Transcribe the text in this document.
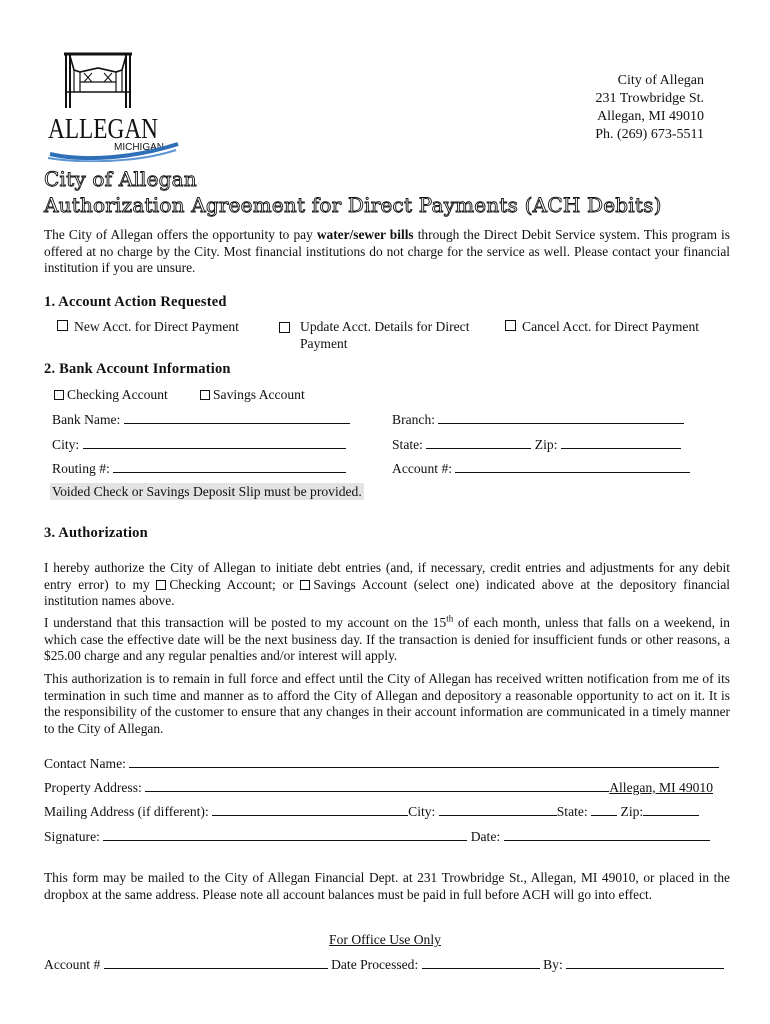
ALLEGAN
MICHIGAN
City of Allegan
231 Trowbridge St.
Allegan, MI 49010
Ph. (269) 673-5511
City of Allegan
Authorization Agreement for Direct Payments (ACH Debits)
The City of Allegan offers the opportunity to pay water/sewer bills through the Direct Debit Service system. This program is offered at no charge by the City. Most financial institutions do not charge for the service as well. Please contact your financial institution if you are unsure.
1. Account Action Requested
New Acct. for Direct Payment	Update Acct. Details for Direct Payment
Cancel Acct. for Direct Payment
2. Bank Account Information
Checking Account	Savings Account
Bank Name:	Branch:
City:	State:	Zip:
Routing #:	Account #:
Voided Check or Savings Deposit Slip must be provided.
3. Authorization
I hereby authorize the City of Allegan to initiate debt entries (and, if necessary, credit entries and adjustments for any debit entry error) to my Checking Account; or Savings Account (select one) indicated above at the depository financial institution names above.
I understand that this transaction will be posted to my account on the 15th of each month, unless that falls on a weekend, in which case the effective date will be the next business day. If the transaction is denied for insufficient funds or other reasons, a $25.00 charge and any regular penalties and/or interest will apply.
This authorization is to remain in full force and effect until the City of Allegan has received written notification from me of its termination in such time and manner as to afford the City of Allegan and depository a reasonable opportunity to act on it. It is the responsibility of the customer to ensure that any changes in their account information are communicated in a timely manner to the City of Allegan.
Contact Name:
Property Address:	Allegan, MI 49010
Mailing Address (if different):	City:	State: Zip:
Signature:	Date:
This form may be mailed to the City of Allegan Financial Dept. at 231 Trowbridge St., Allegan, MI 49010, or placed in the dropbox at the same address. Please note all account balances must be paid in full before ACH will go into effect.
For Office Use Only
Account #	Date Processed:	By:
